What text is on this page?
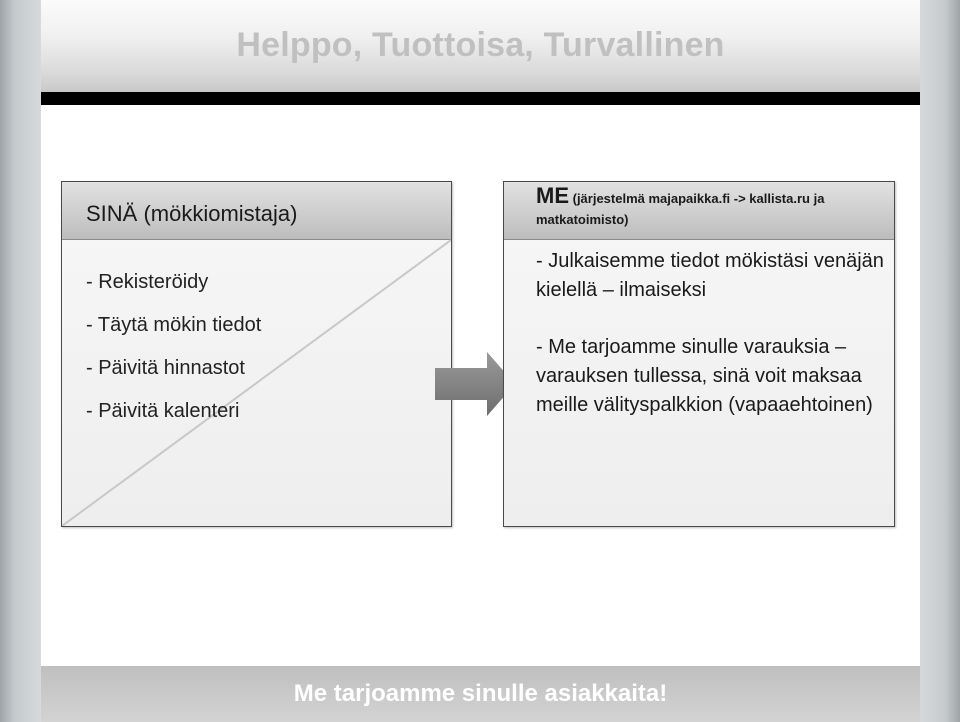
Helppo, Tuottoisa, Turvallinen
SINÄ (mökkiomistaja)
- Rekisteröidy
- Täytä mökin tiedot
- Päivitä hinnastot
- Päivitä kalenteri
ME (järjestelmä majapaikka.fi -> kallista.ru ja matkatoimisto)

- Julkaisemme tiedot mökistäsi venäjän kielellä – ilmaiseksi

- Me tarjoamme sinulle varauksia – varauksen tullessa, sinä voit maksaa meille välityspalkkion (vapaaehtoinen)

Me tarjoamme sinulle asiakkaita!
